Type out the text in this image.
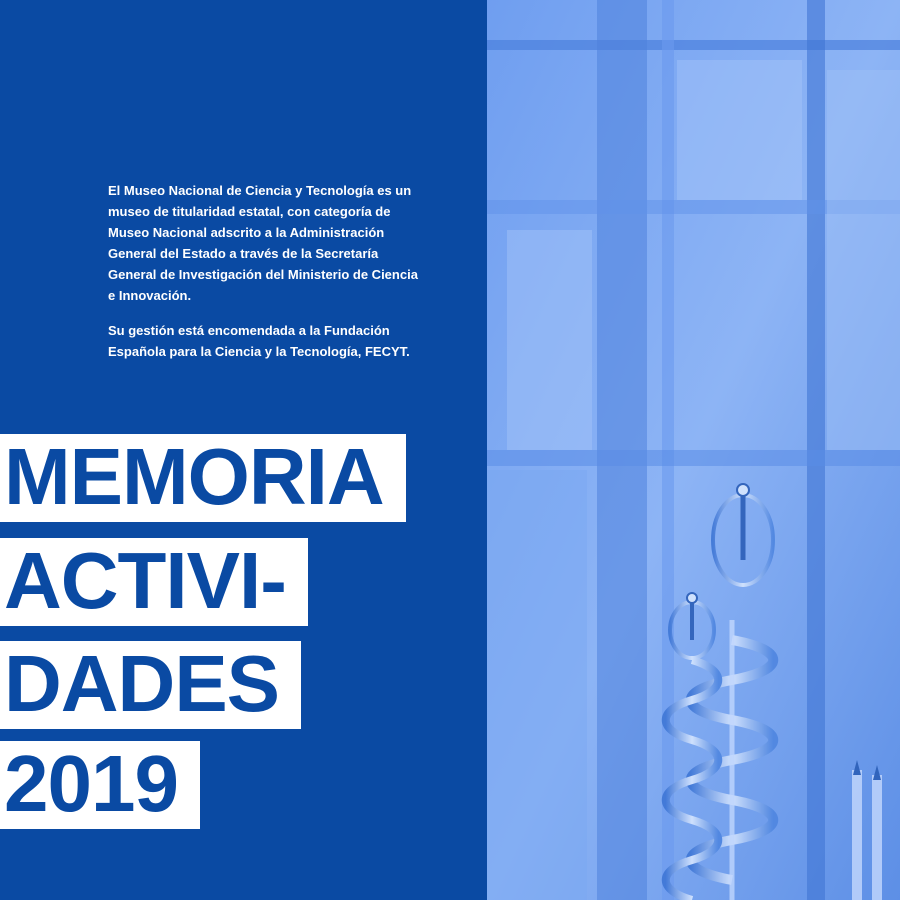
El Museo Nacional de Ciencia y Tecnología es un museo de titularidad estatal, con categoría de Museo Nacional adscrito a la Administración General del Estado a través de la Secretaría General de Investigación del Ministerio de Ciencia e Innovación.

Su gestión está encomendada a la Fundación Española para la Ciencia y la Tecnología, FECYT.

MEMORIA
ACTIVI-
DADES
2019
